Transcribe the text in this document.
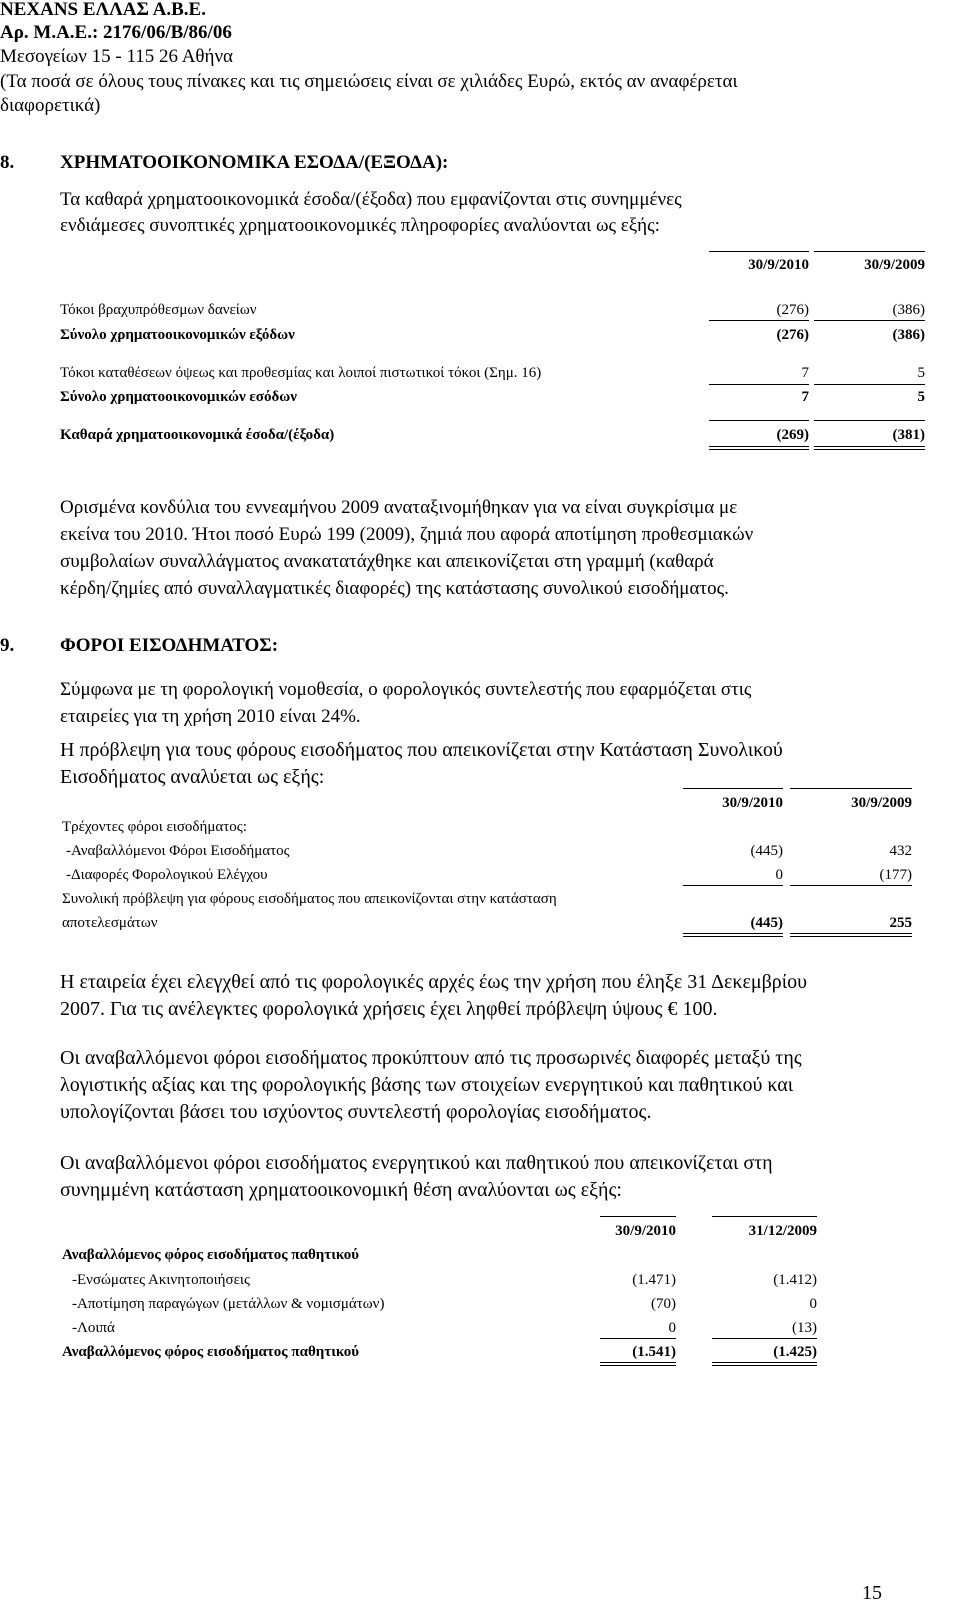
NEXANS ΕΛΛΑΣ Α.Β.Ε.
Αρ. Μ.Α.Ε.: 2176/06/Β/86/06
Μεσογείων 15 - 115 26 Αθήνα
(Τα ποσά σε όλους τους πίνακες και τις σημειώσεις είναι σε χιλιάδες Ευρώ, εκτός αν αναφέρεται
διαφορετικά)
8. ΧΡΗΜΑΤΟΟΙΚΟΝΟΜΙΚΑ ΕΣΟΔΑ/(ΕΞΟΔΑ):
Τα καθαρά χρηματοοικονομικά έσοδα/(έξοδα) που εμφανίζονται στις συνημμένες
ενδιάμεσες συνοπτικές χρηματοοικονομικές πληροφορίες αναλύονται ως εξής:
30/9/2010	30/9/2009
Τόκοι βραχυπρόθεσμων δανείων	(276)	(386)
Σύνολο χρηματοοικονομικών εξόδων	(276)	(386)
Τόκοι καταθέσεων όψεως και προθεσμίας και λοιποί πιστωτικοί τόκοι (Σημ. 16)	7	5
Σύνολο χρηματοοικονομικών εσόδων	7	5
Καθαρά χρηματοοικονομικά έσοδα/(έξοδα)	(269)	(381)
Ορισμένα κονδύλια του εννεαμήνου 2009 αναταξινομήθηκαν για να είναι συγκρίσιμα με
εκείνα του 2010. Ήτοι ποσό Ευρώ 199 (2009), ζημιά που αφορά αποτίμηση προθεσμιακών
συμβολαίων συναλλάγματος ανακατατάχθηκε και απεικονίζεται στη γραμμή (καθαρά
κέρδη/ζημίες από συναλλαγματικές διαφορές) της κατάστασης συνολικού εισοδήματος.
9. ΦΟΡΟΙ ΕΙΣΟΔΗΜΑΤΟΣ:
Σύμφωνα με τη φορολογική νομοθεσία, ο φορολογικός συντελεστής που εφαρμόζεται στις
εταιρείες για τη χρήση 2010 είναι 24%.
Η πρόβλεψη για τους φόρους εισοδήματος που απεικονίζεται στην Κατάσταση Συνολικού
Εισοδήματος αναλύεται ως εξής:
30/9/2010	30/9/2009
Τρέχοντες φόροι εισοδήματος:
-Αναβαλλόμενοι Φόροι Εισοδήματος	(445)	432
-Διαφορές Φορολογικού Ελέγχου	0	(177)
Συνολική πρόβλεψη για φόρους εισοδήματος που απεικονίζονται στην κατάσταση
αποτελεσμάτων	(445)	255
Η εταιρεία έχει ελεγχθεί από τις φορολογικές αρχές έως την χρήση που έληξε 31 Δεκεμβρίου
2007. Για τις ανέλεγκτες φορολογικά χρήσεις έχει ληφθεί πρόβλεψη ύψους € 100.
Οι αναβαλλόμενοι φόροι εισοδήματος προκύπτουν από τις προσωρινές διαφορές μεταξύ της
λογιστικής αξίας και της φορολογικής βάσης των στοιχείων ενεργητικού και παθητικού και
υπολογίζονται βάσει του ισχύοντος συντελεστή φορολογίας εισοδήματος.
Οι αναβαλλόμενοι φόροι εισοδήματος ενεργητικού και παθητικού που απεικονίζεται στη
συνημμένη κατάσταση χρηματοοικονομική θέση αναλύονται ως εξής:
30/9/2010	31/12/2009
Αναβαλλόμενος φόρος εισοδήματος παθητικού
-Ενσώματες Ακινητοποιήσεις	(1.471)	(1.412)
-Αποτίμηση παραγώγων (μετάλλων & νομισμάτων)	(70)	0
-Λοιπά	0	(13)
Αναβαλλόμενος φόρος εισοδήματος παθητικού	(1.541)	(1.425)
15
